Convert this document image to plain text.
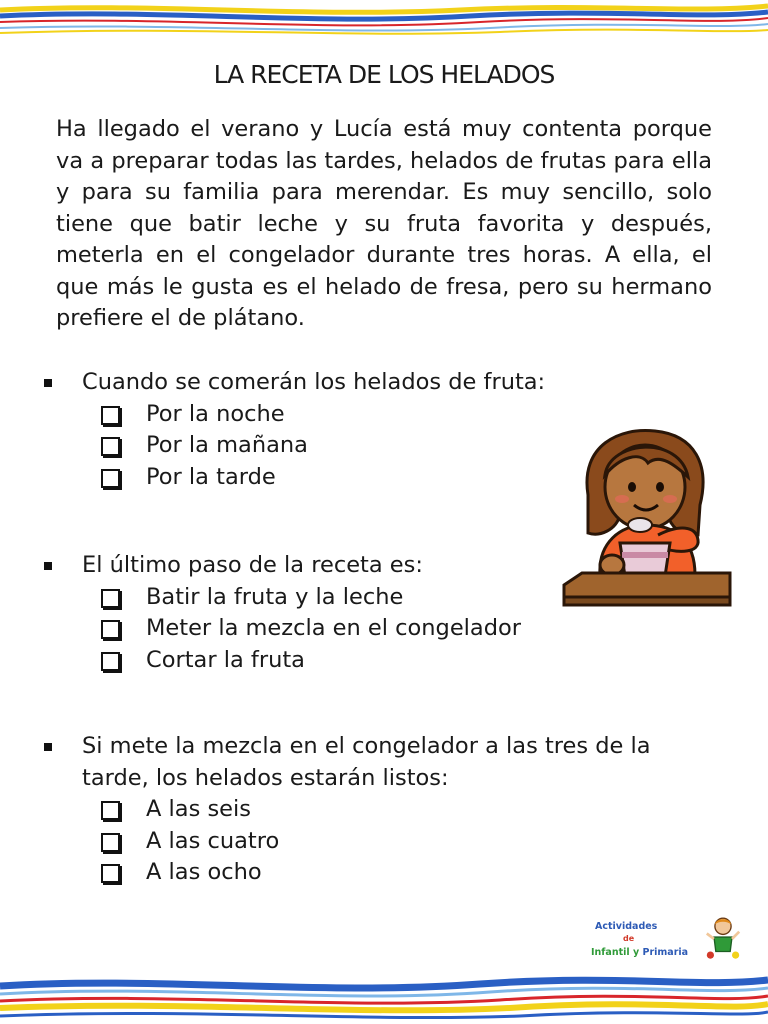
LA RECETA DE LOS HELADOS

Ha llegado el verano y Lucía está muy contenta porque va a preparar todas las tardes, helados de frutas para ella y para su familia para merendar. Es muy sencillo, solo tiene que batir leche y su fruta favorita y después, meterla en el congelador durante tres horas. A ella, el que más le gusta es el helado de fresa, pero su hermano prefiere el de plátano.

Cuando se comerán los helados de fruta:
Por la noche
Por la mañana
Por la tarde
El último paso de la receta es:
Batir la fruta y la leche
Meter la mezcla en el congelador
Cortar la fruta
Si mete la mezcla en el congelador a las tres de la tarde, los helados estarán listos:
A las seis
A las cuatro
A las ocho
Actividades
de
Infantil y Primaria
